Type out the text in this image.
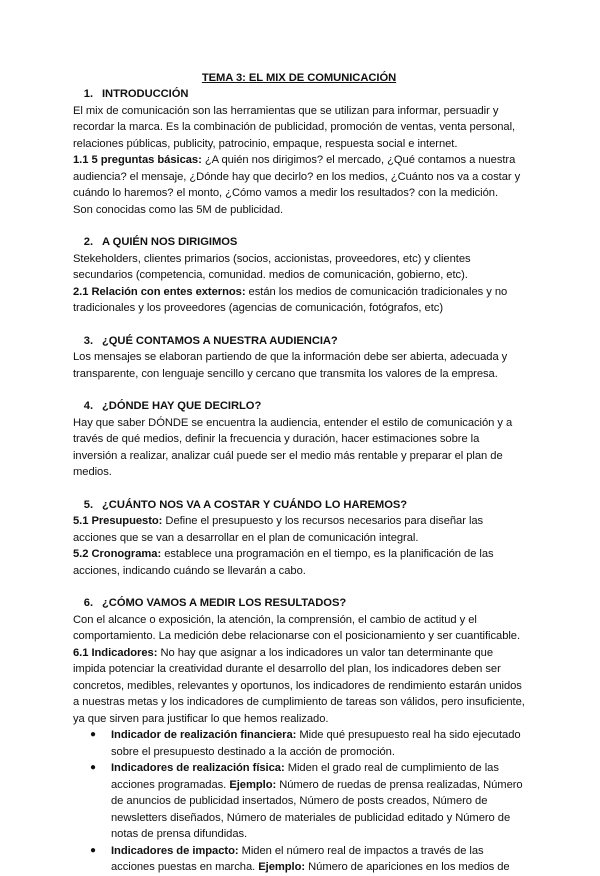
TEMA 3: EL MIX DE COMUNICACIÓN

1. INTRODUCCIÓN

El mix de comunicación son las herramientas que se utilizan para informar, persuadir y recordar la marca. Es la combinación de publicidad, promoción de ventas, venta personal, relaciones públicas, publicity, patrocinio, empaque, respuesta social e internet.

1.1 5 preguntas básicas: ¿A quién nos dirigimos? el mercado, ¿Qué contamos a nuestra audiencia? el mensaje, ¿Dónde hay que decirlo? en los medios, ¿Cuánto nos va a costar y cuándo lo haremos? el monto, ¿Cómo vamos a medir los resultados? con la medición.

Son conocidas como las 5M de publicidad.

2. A QUIÉN NOS DIRIGIMOS

Stekeholders, clientes primarios (socios, accionistas, proveedores, etc) y clientes secundarios (competencia, comunidad. medios de comunicación, gobierno, etc).

2.1 Relación con entes externos: están los medios de comunicación tradicionales y no tradicionales y los proveedores (agencias de comunicación, fotógrafos, etc)

3. ¿QUÉ CONTAMOS A NUESTRA AUDIENCIA?

Los mensajes se elaboran partiendo de que la información debe ser abierta, adecuada y transparente, con lenguaje sencillo y cercano que transmita los valores de la empresa.

4. ¿DÓNDE HAY QUE DECIRLO?

Hay que saber DÓNDE se encuentra la audiencia, entender el estilo de comunicación y a través de qué medios, definir la frecuencia y duración, hacer estimaciones sobre la inversión a realizar, analizar cuál puede ser el medio más rentable y preparar el plan de medios.

5. ¿CUÁNTO NOS VA A COSTAR Y CUÁNDO LO HAREMOS?

5.1 Presupuesto: Define el presupuesto y los recursos necesarios para diseñar las acciones que se van a desarrollar en el plan de comunicación integral.

5.2 Cronograma: establece una programación en el tiempo, es la planificación de las acciones, indicando cuándo se llevarán a cabo.

6. ¿CÓMO VAMOS A MEDIR LOS RESULTADOS?

Con el alcance o exposición, la atención, la comprensión, el cambio de actitud y el comportamiento. La medición debe relacionarse con el posicionamiento y ser cuantificable.

6.1 Indicadores: No hay que asignar a los indicadores un valor tan determinante que impida potenciar la creatividad durante el desarrollo del plan, los indicadores deben ser concretos, medibles, relevantes y oportunos, los indicadores de rendimiento estarán unidos a nuestras metas y los indicadores de cumplimiento de tareas son válidos, pero insuficiente, ya que sirven para justificar lo que hemos realizado.

● Indicador de realización financiera: Mide qué presupuesto real ha sido ejecutado sobre el presupuesto destinado a la acción de promoción.
● Indicadores de realización física: Miden el grado real de cumplimiento de las acciones programadas. Ejemplo: Número de ruedas de prensa realizadas, Número de anuncios de publicidad insertados, Número de posts creados, Número de newsletters diseñados, Número de materiales de publicidad editado y Número de notas de prensa difundidas.
● Indicadores de impacto: Miden el número real de impactos a través de las acciones puestas en marcha. Ejemplo: Número de apariciones en los medios de
